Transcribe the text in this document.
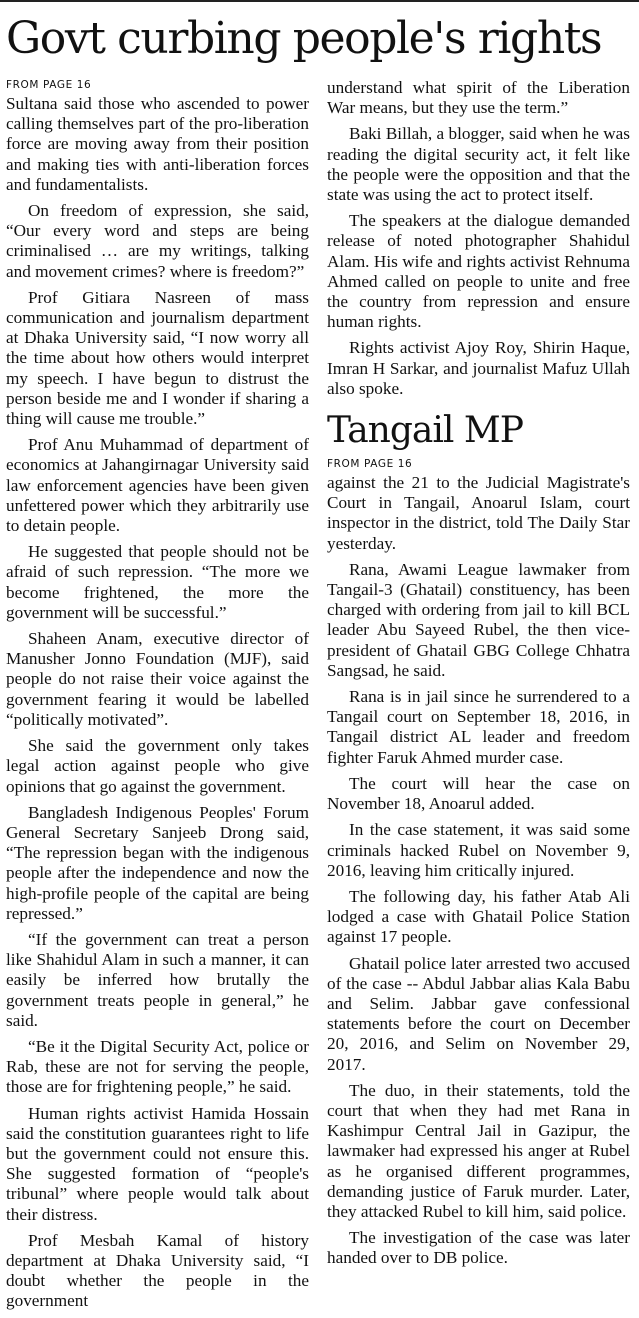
Govt curbing people's rights
FROM PAGE 16

Sultana said those who ascended to power calling themselves part of the pro-liberation force are moving away from their position and making ties with anti-liberation forces and fundamentalists.

On freedom of expression, she said, “Our every word and steps are being criminalised … are my writings, talking and movement crimes? where is freedom?”

Prof Gitiara Nasreen of mass communication and journalism department at Dhaka University said, “I now worry all the time about how others would interpret my speech. I have begun to distrust the person beside me and I wonder if sharing a thing will cause me trouble.”

Prof Anu Muhammad of department of economics at Jahangirnagar University said law enforcement agencies have been given unfettered power which they arbitrarily use to detain people.

He suggested that people should not be afraid of such repression. “The more we become frightened, the more the government will be successful.”

Shaheen Anam, executive director of Manusher Jonno Foundation (MJF), said people do not raise their voice against the government fearing it would be labelled “politically motivated”.

She said the government only takes legal action against people who give opinions that go against the government.

Bangladesh Indigenous Peoples' Forum General Secretary Sanjeeb Drong said, “The repression began with the indigenous people after the independence and now the high-profile people of the capital are being repressed.”

“If the government can treat a person like Shahidul Alam in such a manner, it can easily be inferred how brutally the government treats people in general,” he said.

“Be it the Digital Security Act, police or Rab, these are not for serving the people, those are for frightening people,” he said.

Human rights activist Hamida Hossain said the constitution guarantees right to life but the government could not ensure this. She suggested formation of “people's tribunal” where people would talk about their distress.

Prof Mesbah Kamal of history department at Dhaka University said, “I doubt whether the people in the government

understand what spirit of the Liberation War means, but they use the term.”

Baki Billah, a blogger, said when he was reading the digital security act, it felt like the people were the opposition and that the state was using the act to protect itself.

The speakers at the dialogue demanded release of noted photographer Shahidul Alam. His wife and rights activist Rehnuma Ahmed called on people to unite and free the country from repression and ensure human rights.

Rights activist Ajoy Roy, Shirin Haque, Imran H Sarkar, and journalist Mafuz Ullah also spoke.

Tangail MP
FROM PAGE 16

against the 21 to the Judicial Magistrate's Court in Tangail, Anoarul Islam, court inspector in the district, told The Daily Star yesterday.

Rana, Awami League lawmaker from Tangail-3 (Ghatail) constituency, has been charged with ordering from jail to kill BCL leader Abu Sayeed Rubel, the then vice-president of Ghatail GBG College Chhatra Sangsad, he said.

Rana is in jail since he surrendered to a Tangail court on September 18, 2016, in Tangail district AL leader and freedom fighter Faruk Ahmed murder case.

The court will hear the case on November 18, Anoarul added.

In the case statement, it was said some criminals hacked Rubel on November 9, 2016, leaving him critically injured.

The following day, his father Atab Ali lodged a case with Ghatail Police Station against 17 people.

Ghatail police later arrested two accused of the case -- Abdul Jabbar alias Kala Babu and Selim. Jabbar gave confessional statements before the court on December 20, 2016, and Selim on November 29, 2017.

The duo, in their statements, told the court that when they had met Rana in Kashimpur Central Jail in Gazipur, the lawmaker had expressed his anger at Rubel as he organised different programmes, demanding justice of Faruk murder. Later, they attacked Rubel to kill him, said police.

The investigation of the case was later handed over to DB police.
